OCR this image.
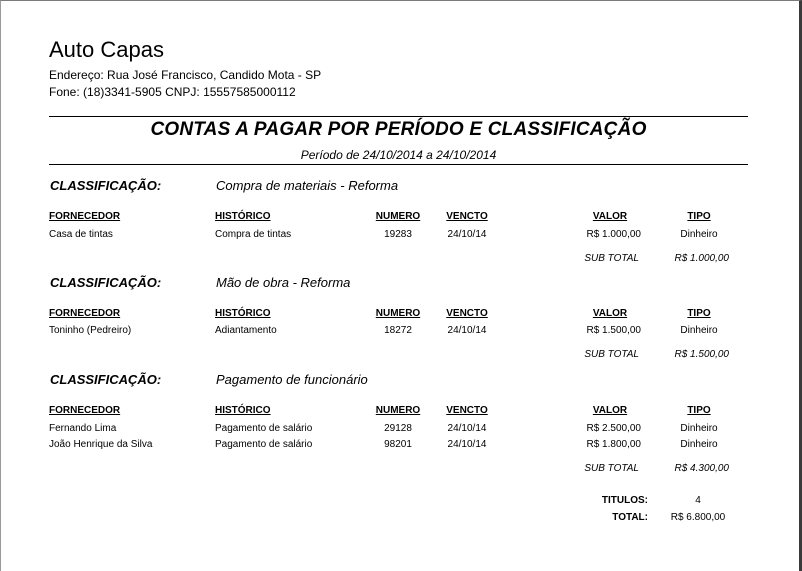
Auto Capas
Endereço: Rua José Francisco, Candido Mota - SP
Fone: (18)3341-5905 CNPJ: 15557585000112
CONTAS A PAGAR POR PERÍODO E CLASSIFICAÇÃO
Período de 24/10/2014 a 24/10/2014
CLASSIFICAÇÃO:	Compra de materiais - Reforma
FORNECEDOR	HISTÓRICO	NUMERO	VENCTO	VALOR	TIPO
Casa de tintas	Compra de tintas	19283	24/10/14	R$ 1.000,00	Dinheiro
SUB TOTAL	R$ 1.000,00
CLASSIFICAÇÃO:	Mão de obra - Reforma
FORNECEDOR	HISTÓRICO	NUMERO	VENCTO	VALOR	TIPO
Toninho (Pedreiro)	Adiantamento	18272	24/10/14	R$ 1.500,00	Dinheiro
SUB TOTAL	R$ 1.500,00
CLASSIFICAÇÃO:	Pagamento de funcionário
FORNECEDOR	HISTÓRICO	NUMERO	VENCTO	VALOR	TIPO
Fernando Lima	Pagamento de salário	29128	24/10/14	R$ 2.500,00	Dinheiro
João Henrique da Silva	Pagamento de salário	98201	24/10/14	R$ 1.800,00	Dinheiro
SUB TOTAL	R$ 4.300,00
TITULOS:	4
TOTAL:	R$ 6.800,00
